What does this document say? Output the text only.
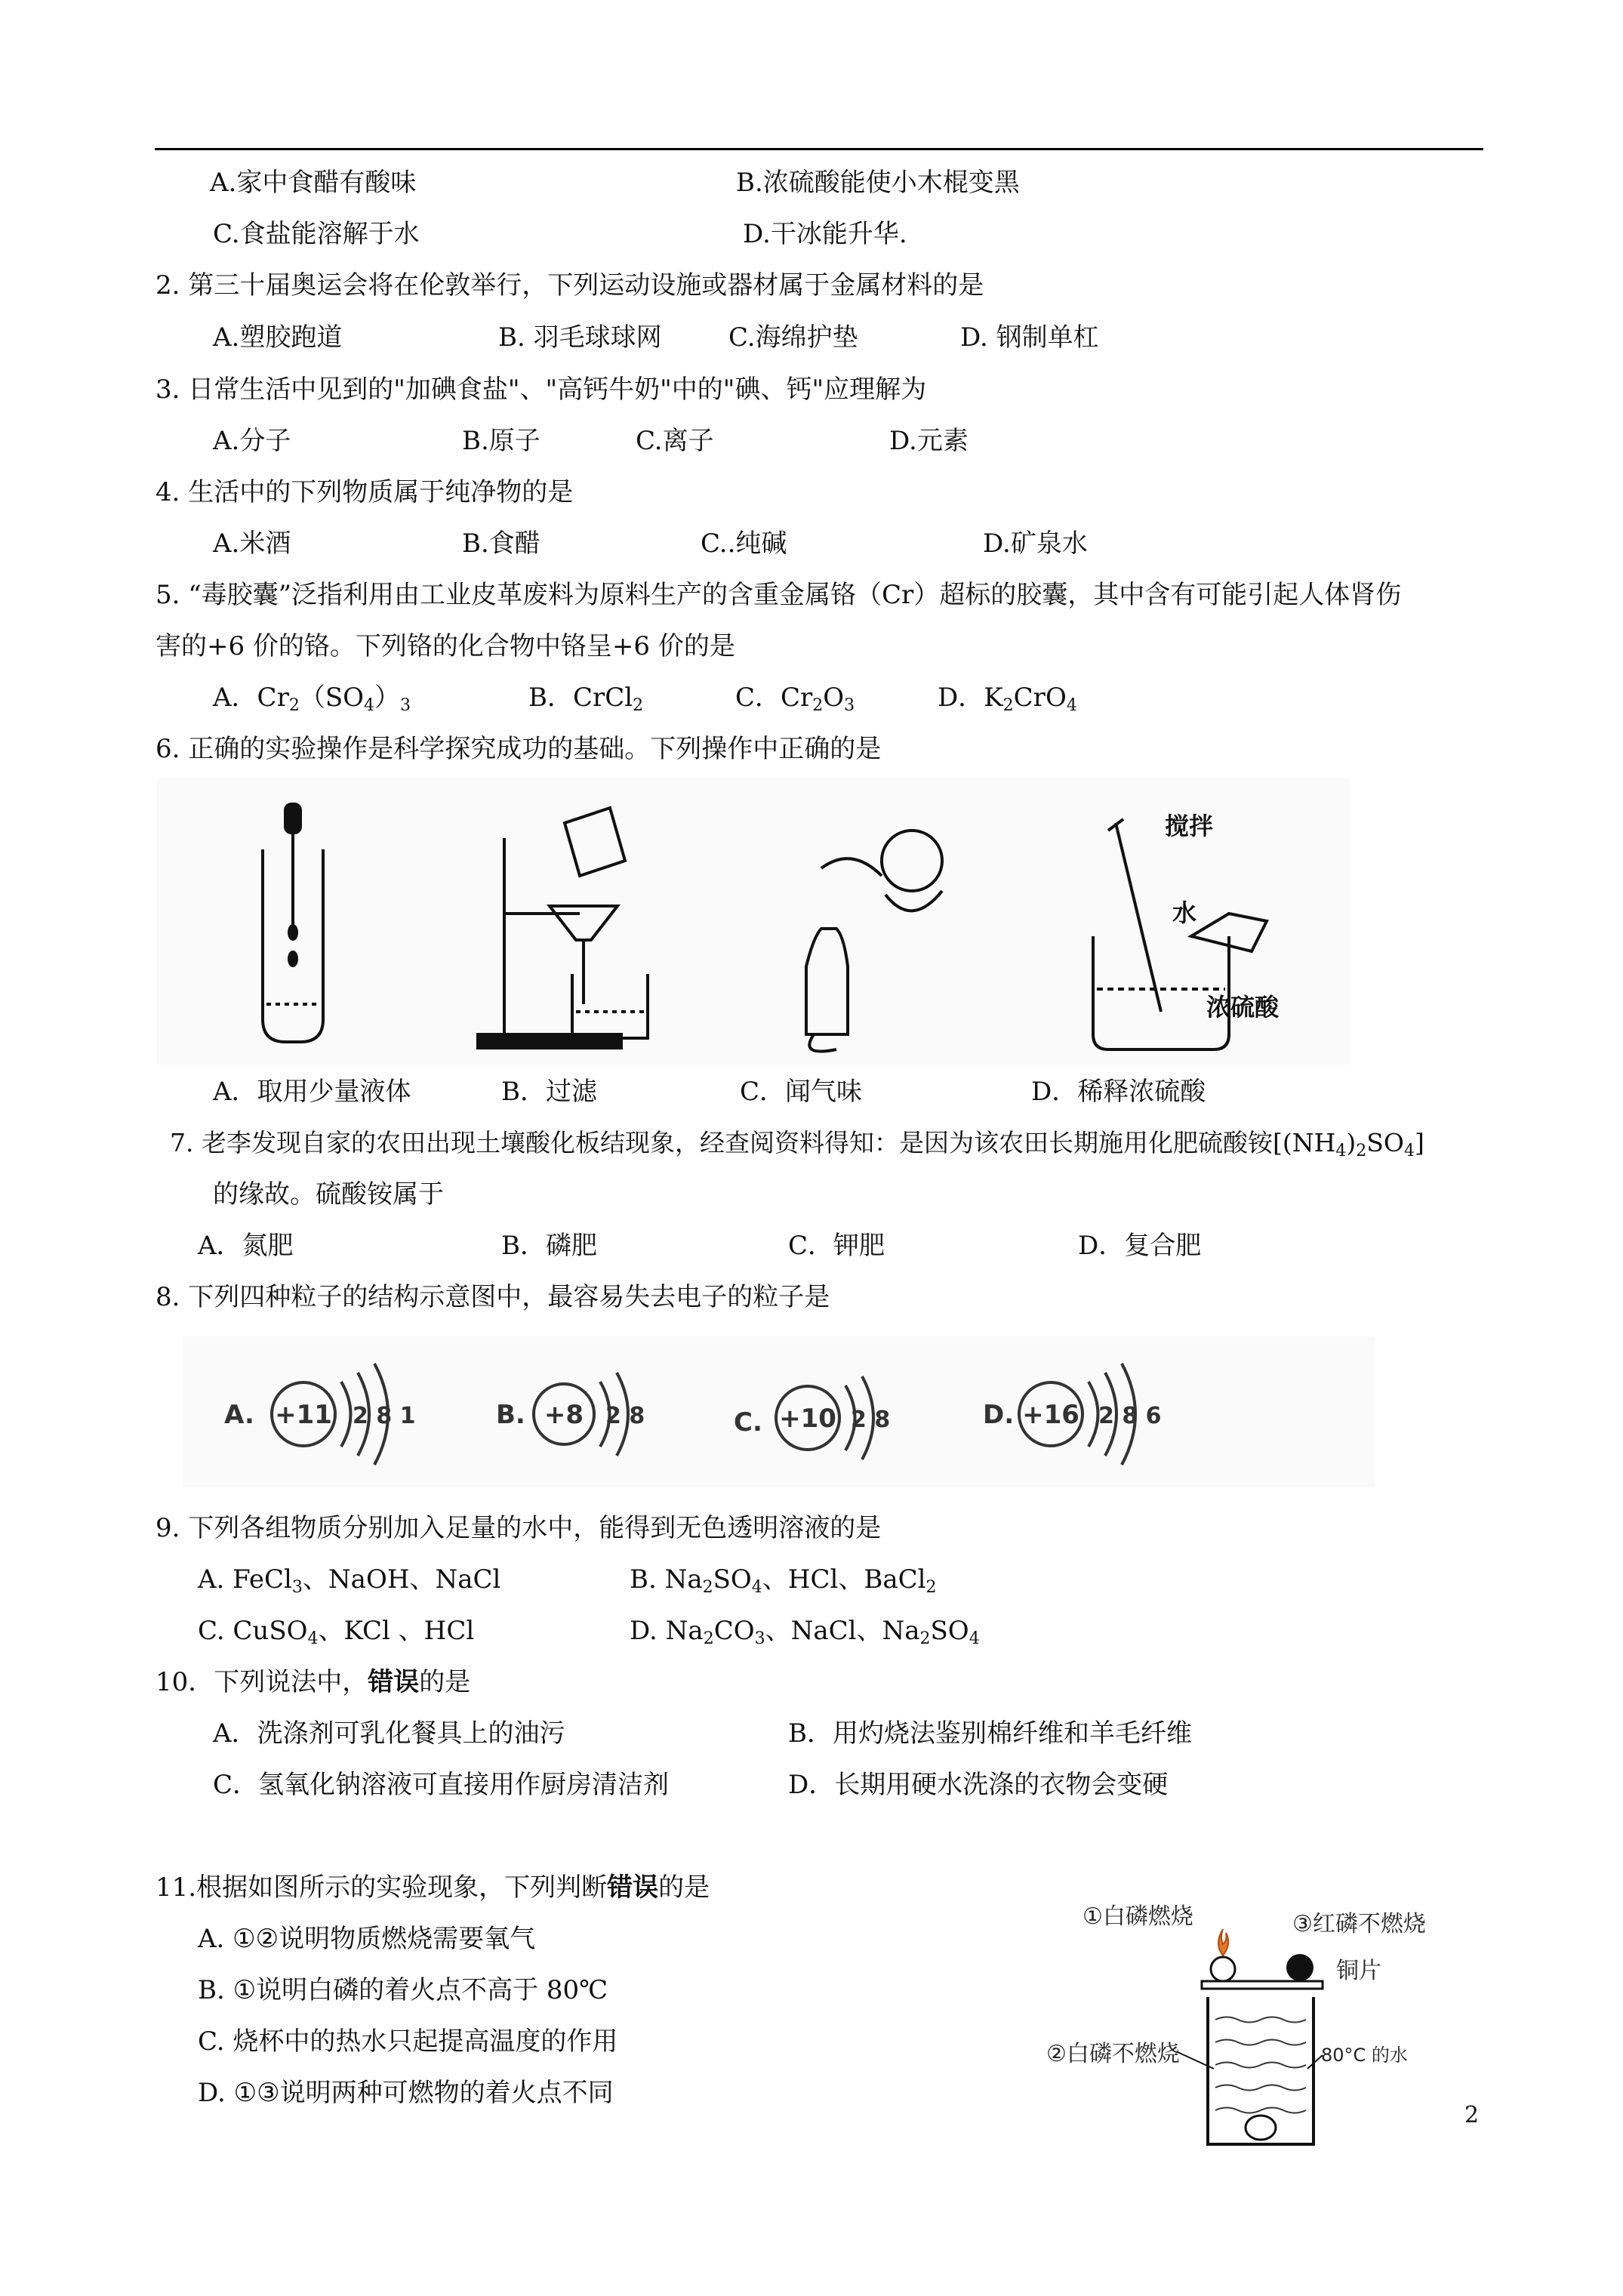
A.家中食醋有酸味	B.浓硫酸能使小木棍变黑
C.食盐能溶解于水	D.干冰能升华.
2. 第三十届奥运会将在伦敦举行，下列运动设施或器材属于金属材料的是
A.塑胶跑道	B. 羽毛球球网	C.海绵护垫	D. 钢制单杠
3. 日常生活中见到的"加碘食盐"、"高钙牛奶"中的"碘、钙"应理解为
A.分子	B.原子	C.离子	D.元素
4. 生活中的下列物质属于纯净物的是
A.米酒	B.食醋	C..纯碱	D.矿泉水
5. “毒胶囊”泛指利用由工业皮革废料为原料生产的含重金属铬（Cr）超标的胶囊，其中含有可能引起人体肾伤
害的+6 价的铬。下列铬的化合物中铬呈+6 价的是
A．$Cr_2(SO_4)_3$	B．CrCl$_2$	C．$Cr_2O_3$	D．$K_2CrO_4$
6. 正确的实验操作是科学探究成功的基础。下列操作中正确的是
搅拌
水
浓硫酸
A．取用少量液体	B．过滤	C．闻气味	D．稀释浓硫酸
7. 老李发现自家的农田出现土壤酸化板结现象，经查阅资料得知：是因为该农田长期施用化肥硫酸铵$[(NH_4)_2SO_4]$
的缘故。硫酸铵属于
A．氮肥	B．磷肥	C．钾肥	D．复合肥
8. 下列四种粒子的结构示意图中，最容易失去电子的粒子是
A. +11 2 8 1	B. +8 2 8	C. +10 2 8	D. +16 2 8 6
9. 下列各组物质分别加入足量的水中，能得到无色透明溶液的是
A. FeCl$_3$、NaOH、NaCl	B. $Na_2SO_4$、HCl、BaCl$_2$
C. CuSO$_4$、KCl 、HCl	D. $Na_2CO_3$、NaCl、$Na_2SO_4$
10．下列说法中，错误的是
A．洗涤剂可乳化餐具上的油污	B．用灼烧法鉴别棉纤维和羊毛纤维
C．氢氧化钠溶液可直接用作厨房清洁剂	D．长期用硬水洗涤的衣物会变硬
11.根据如图所示的实验现象，下列判断错误的是
A. ①②说明物质燃烧需要氧气
B. ①说明白磷的着火点不高于 80℃
C. 烧杯中的热水只起提高温度的作用
D. ①③说明两种可燃物的着火点不同
①白磷燃烧	③红磷不燃烧
铜片
②白磷不燃烧	80°C 的水
2
